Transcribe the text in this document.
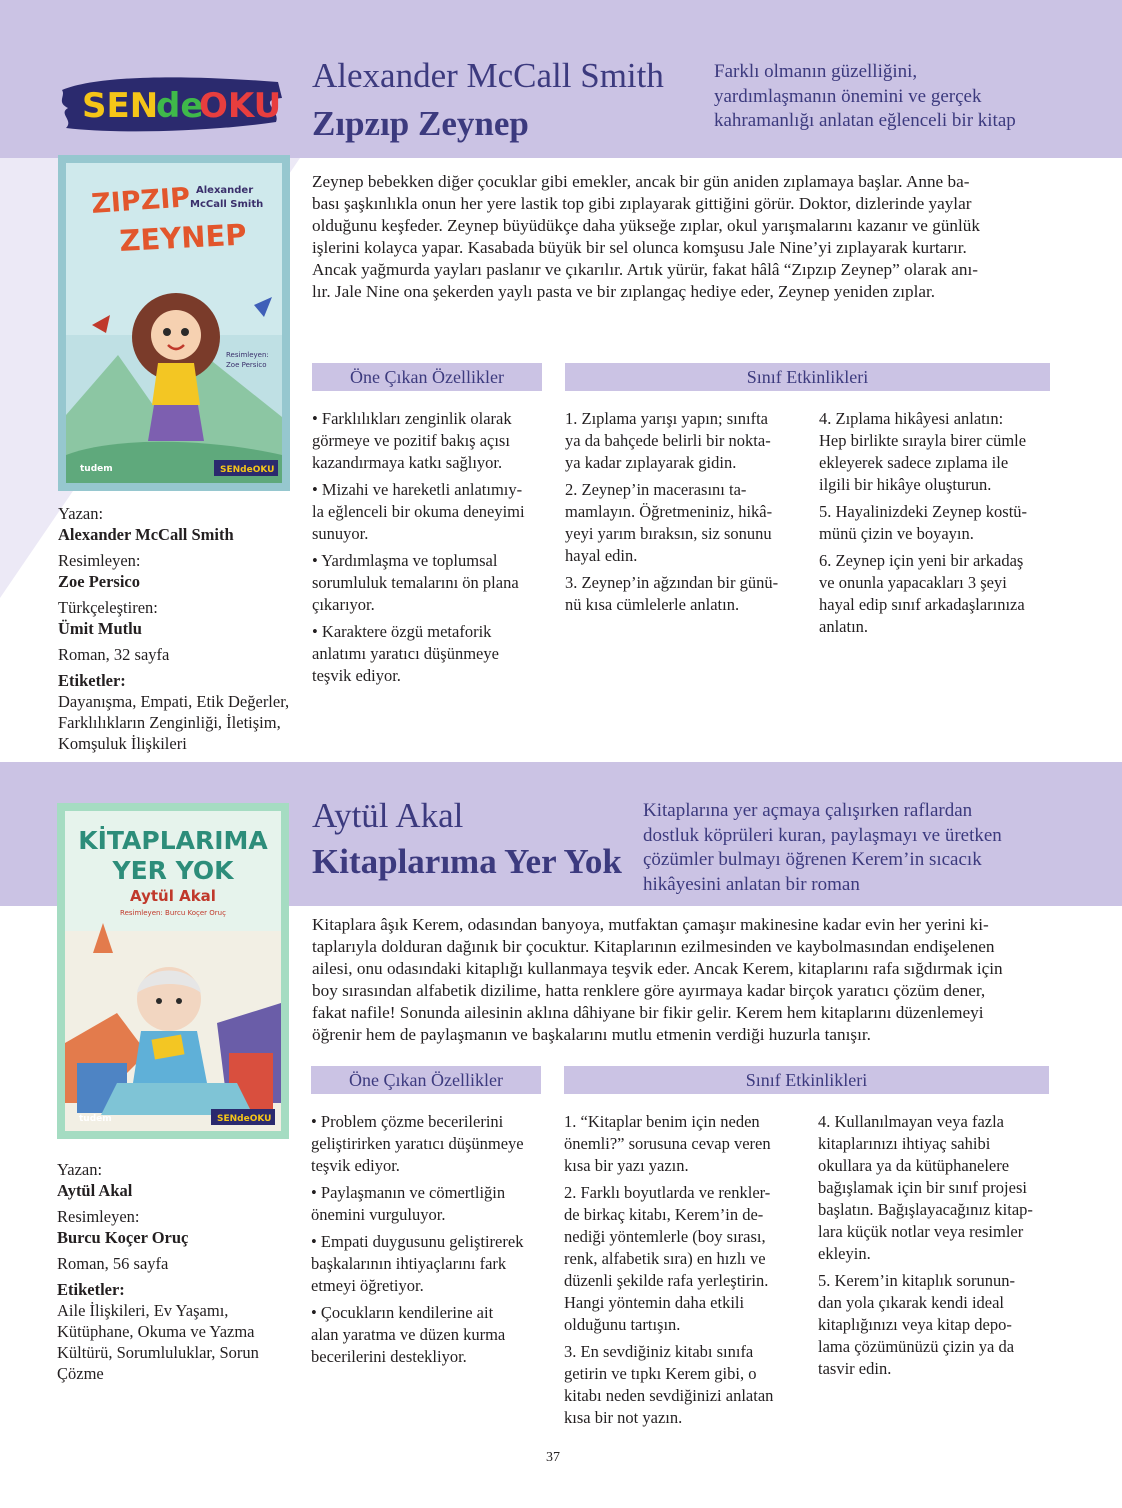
SEN
de
OKU
Alexander McCall Smith
Zıpzıp Zeynep
Farklı olmanın güzelliğini,
yardımlaşmanın önemini ve gerçek
kahramanlığı anlatan eğlenceli bir kitap
ZIPZIP
ZEYNEP
Alexander
McCall Smith
Resimleyen:
Zoe Persico
tudem	SENdeOKU
Zeynep bebekken diğer çocuklar gibi emekler, ancak bir gün aniden zıplamaya başlar. Anne ba-
bası şaşkınlıkla onun her yere lastik top gibi zıplayarak gittiğini görür. Doktor, dizlerinde yaylar
olduğunu keşfeder. Zeynep büyüdükçe daha yükseğe zıplar, okul yarışmalarını kazanır ve günlük
işlerini kolayca yapar. Kasabada büyük bir sel olunca komşusu Jale Nine’yi zıplayarak kurtarır.
Ancak yağmurda yayları paslanır ve çıkarılır. Artık yürür, fakat hâlâ “Zıpzıp Zeynep” olarak anı-
lır. Jale Nine ona şekerden yaylı pasta ve bir zıplangaç hediye eder, Zeynep yeniden zıplar.
Öne Çıkan Özellikler	Sınıf Etkinlikleri

• Farklılıkları zenginlik olarak
görmeye ve pozitif bakış açısı
kazandırmaya katkı sağlıyor.

• Mizahi ve hareketli anlatımıy-
la eğlenceli bir okuma deneyimi
sunuyor.

• Yardımlaşma ve toplumsal
sorumluluk temalarını ön plana
çıkarıyor.

• Karaktere özgü metaforik
anlatımı yaratıcı düşünmeye
teşvik ediyor.

1. Zıplama yarışı yapın; sınıfta
ya da bahçede belirli bir nokta-
ya kadar zıplayarak gidin.

2. Zeynep’in macerasını ta-
mamlayın. Öğretmeniniz, hikâ-
yeyi yarım bıraksın, siz sonunu
hayal edin.

3. Zeynep’in ağzından bir günü-
nü kısa cümlelerle anlatın.

4. Zıplama hikâyesi anlatın:
Hep birlikte sırayla birer cümle
ekleyerek sadece zıplama ile
ilgili bir hikâye oluşturun.

5. Hayalinizdeki Zeynep kostü-
münü çizin ve boyayın.

6. Zeynep için yeni bir arkadaş
ve onunla yapacakları 3 şeyi
hayal edip sınıf arkadaşlarınıza
anlatın.

Yazan:
Alexander McCall Smith
Resimleyen:
Zoe Persico
Türkçeleştiren:
Ümit Mutlu
Roman, 32 sayfa
Etiketler:
Dayanışma, Empati, Etik Değerler,
Farklılıkların Zenginliği, İletişim,
Komşuluk İlişkileri
Aytül Akal
Kitaplarıma Yer Yok
Kitaplarına yer açmaya çalışırken raflardan
dostluk köprüleri kuran, paylaşmayı ve üretken
çözümler bulmayı öğrenen Kerem’in sıcacık
hikâyesini anlatan bir roman
KİTAPLARIMA
YER YOK
Aytül Akal
Resimleyen: Burcu Koçer Oruç
tudem	SENdeOKU
Kitaplara âşık Kerem, odasından banyoya, mutfaktan çamaşır makinesine kadar evin her yerini ki-
taplarıyla dolduran dağınık bir çocuktur. Kitaplarının ezilmesinden ve kaybolmasından endişelenen
ailesi, onu odasındaki kitaplığı kullanmaya teşvik eder. Ancak Kerem, kitaplarını rafa sığdırmak için
boy sırasından alfabetik dizilime, hatta renklere göre ayırmaya kadar birçok yaratıcı çözüm dener,
fakat nafile! Sonunda ailesinin aklına dâhiyane bir fikir gelir. Kerem hem kitaplarını düzenlemeyi
öğrenir hem de paylaşmanın ve başkalarını mutlu etmenin verdiği huzurla tanışır.
Öne Çıkan Özellikler	Sınıf Etkinlikleri

• Problem çözme becerilerini
geliştirirken yaratıcı düşünmeye
teşvik ediyor.

• Paylaşmanın ve cömertliğin
önemini vurguluyor.

• Empati duygusunu geliştirerek
başkalarının ihtiyaçlarını fark
etmeyi öğretiyor.

• Çocukların kendilerine ait
alan yaratma ve düzen kurma
becerilerini destekliyor.

1. “Kitaplar benim için neden
önemli?” sorusuna cevap veren
kısa bir yazı yazın.

2. Farklı boyutlarda ve renkler-
de birkaç kitabı, Kerem’in de-
nediği yöntemlerle (boy sırası,
renk, alfabetik sıra) en hızlı ve
düzenli şekilde rafa yerleştirin.
Hangi yöntemin daha etkili
olduğunu tartışın.

3. En sevdiğiniz kitabı sınıfa
getirin ve tıpkı Kerem gibi, o
kitabı neden sevdiğinizi anlatan
kısa bir not yazın.

4. Kullanılmayan veya fazla
kitaplarınızı ihtiyaç sahibi
okullara ya da kütüphanelere
bağışlamak için bir sınıf projesi
başlatın. Bağışlayacağınız kitap-
lara küçük notlar veya resimler
ekleyin.

5. Kerem’in kitaplık sorunun-
dan yola çıkarak kendi ideal
kitaplığınızı veya kitap depo-
lama çözümünüzü çizin ya da
tasvir edin.

Yazan:
Aytül Akal
Resimleyen:
Burcu Koçer Oruç
Roman, 56 sayfa
Etiketler:
Aile İlişkileri, Ev Yaşamı,
Kütüphane, Okuma ve Yazma
Kültürü, Sorumluluklar, Sorun
Çözme
37
